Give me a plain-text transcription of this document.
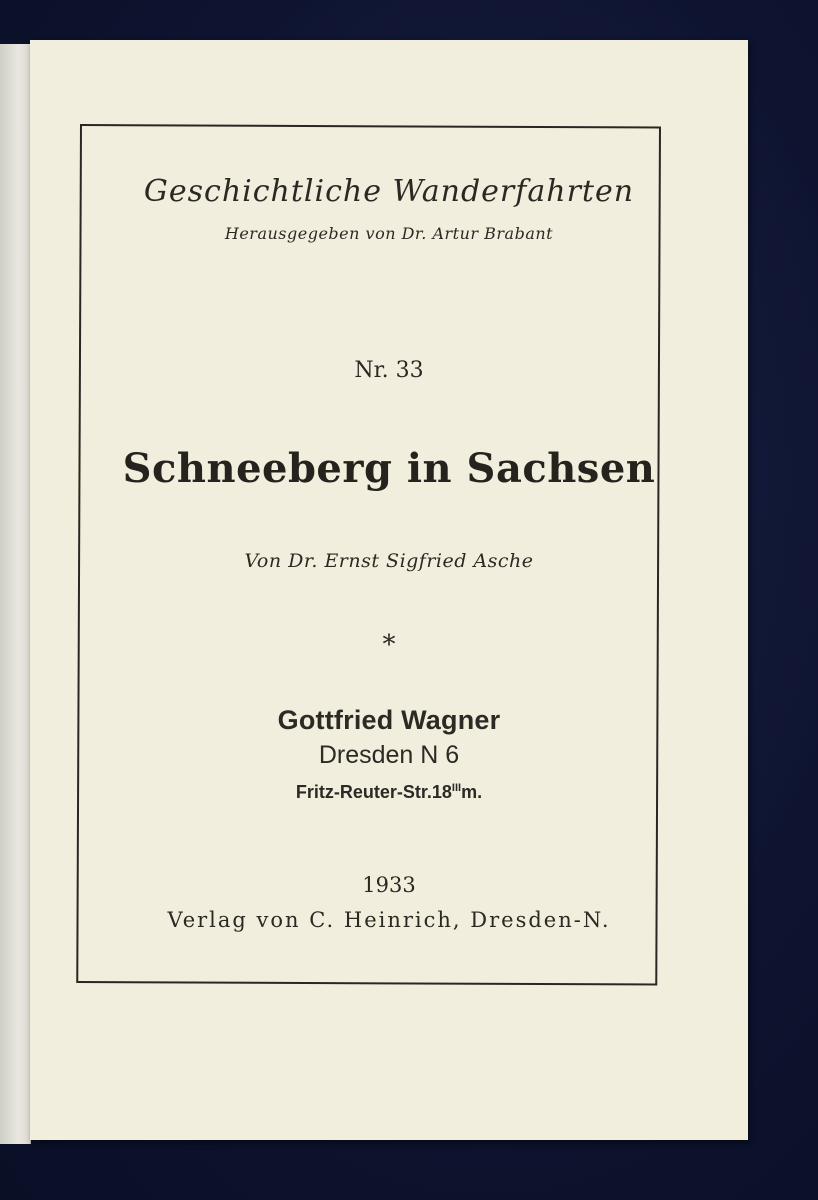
Geschichtliche Wanderfahrten
Herausgegeben von Dr. Artur Brabant
Nr. 33
Schneeberg in Sachsen
Von Dr. Ernst Sigfried Asche
*
Gottfried Wagner
Dresden N 6
Fritz-$Reuter-Str.18^{III}m$.
1933
Verlag von C. Heinrich, Dresden-N.
